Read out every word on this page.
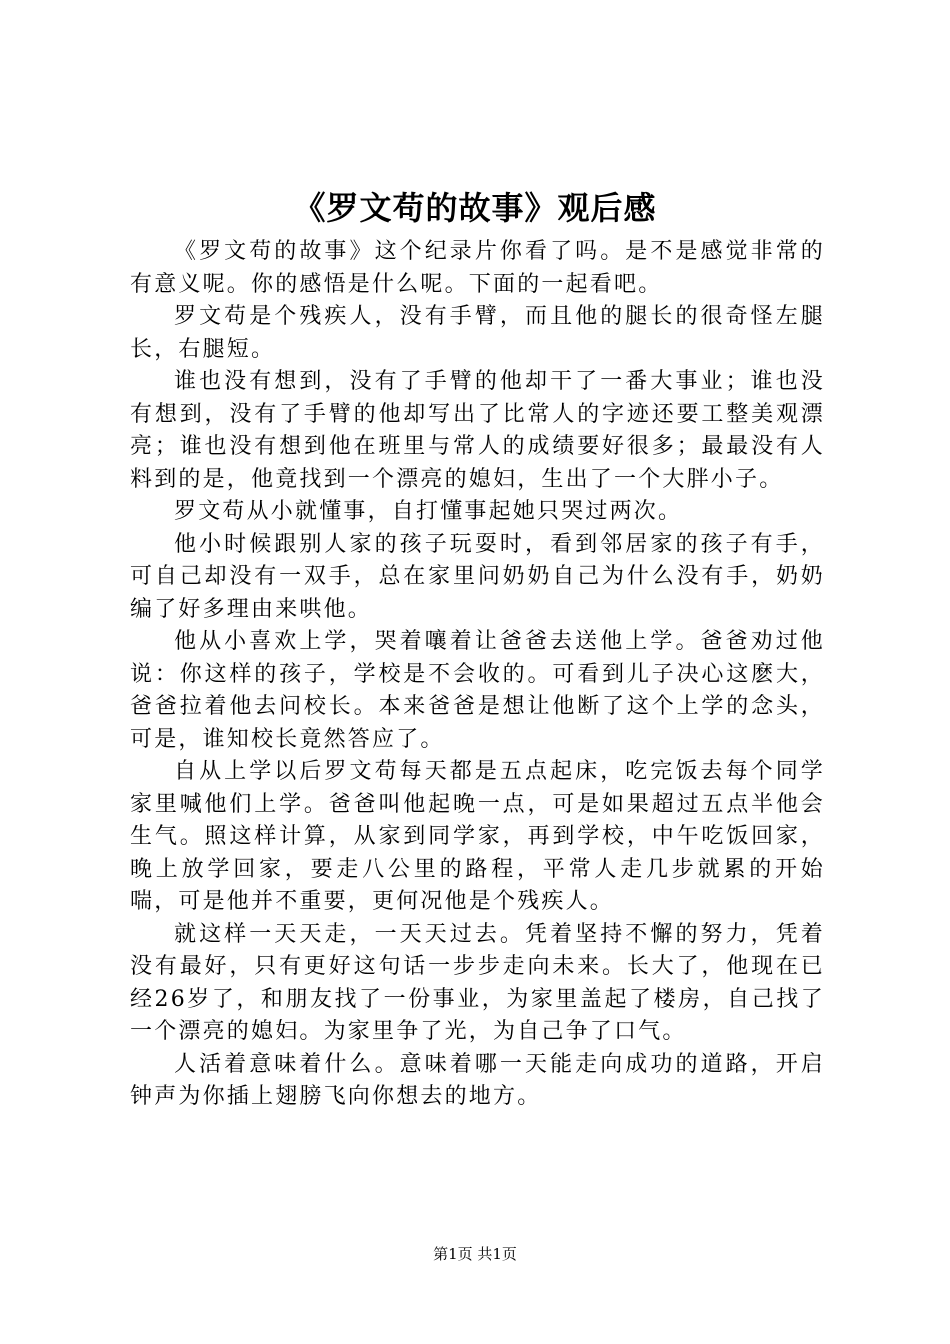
《罗文苟的故事》观后感

《罗文苟的故事》这个纪录片你看了吗。是不是感觉非常的有意义呢。你的感悟是什么呢。下面的一起看吧。

罗文苟是个残疾人，没有手臂，而且他的腿长的很奇怪左腿长，右腿短。

谁也没有想到，没有了手臂的他却干了一番大事业；谁也没有想到，没有了手臂的他却写出了比常人的字迹还要工整美观漂亮；谁也没有想到他在班里与常人的成绩要好很多；最最没有人料到的是，他竟找到一个漂亮的媳妇，生出了一个大胖小子。

罗文苟从小就懂事，自打懂事起她只哭过两次。

他小时候跟别人家的孩子玩耍时，看到邻居家的孩子有手，可自己却没有一双手，总在家里问奶奶自己为什么没有手，奶奶编了好多理由来哄他。

他从小喜欢上学，哭着嚷着让爸爸去送他上学。爸爸劝过他说：你这样的孩子，学校是不会收的。可看到儿子决心这麽大，爸爸拉着他去问校长。本来爸爸是想让他断了这个上学的念头，可是，谁知校长竟然答应了。

自从上学以后罗文苟每天都是五点起床，吃完饭去每个同学家里喊他们上学。爸爸叫他起晚一点，可是如果超过五点半他会生气。照这样计算，从家到同学家，再到学校，中午吃饭回家，晚上放学回家，要走八公里的路程，平常人走几步就累的开始喘，可是他并不重要，更何况他是个残疾人。

就这样一天天走，一天天过去。凭着坚持不懈的努力，凭着没有最好，只有更好这句话一步步走向未来。长大了，他现在已经26岁了，和朋友找了一份事业，为家里盖起了楼房，自己找了一个漂亮的媳妇。为家里争了光，为自己争了口气。

人活着意味着什么。意味着哪一天能走向成功的道路，开启钟声为你插上翅膀飞向你想去的地方。

第1页 共1页
